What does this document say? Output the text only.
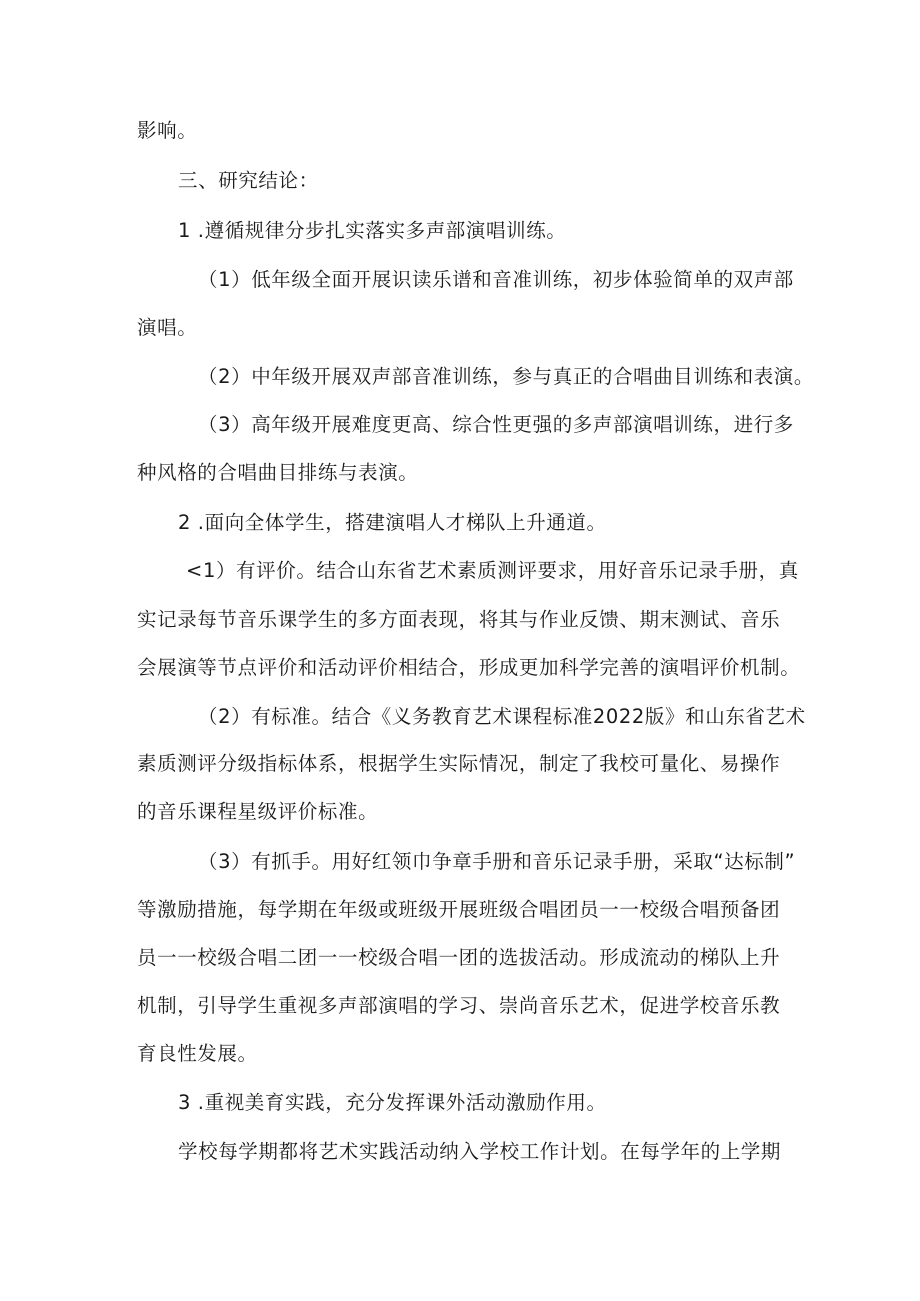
影响。
三、研究结论：
1 .遵循规律分步扎实落实多声部演唱训练。
（1）低年级全面开展识读乐谱和音准训练，初步体验简单的双声部
演唱。
（2）中年级开展双声部音准训练，参与真正的合唱曲目训练和表演。
（3）高年级开展难度更高、综合性更强的多声部演唱训练，进行多
种风格的合唱曲目排练与表演。
2 .面向全体学生，搭建演唱人才梯队上升通道。
<1）有评价。结合山东省艺术素质测评要求，用好音乐记录手册，真
实记录每节音乐课学生的多方面表现，将其与作业反馈、期末测试、音乐
会展演等节点评价和活动评价相结合，形成更加科学完善的演唱评价机制。
（2）有标准。结合《义务教育艺术课程标准2022版》和山东省艺术
素质测评分级指标体系，根据学生实际情况，制定了我校可量化、易操作
的音乐课程星级评价标准。
（3）有抓手。用好红领巾争章手册和音乐记录手册，采取“达标制”
等激励措施，每学期在年级或班级开展班级合唱团员一一校级合唱预备团
员一一校级合唱二团一一校级合唱一团的选拔活动。形成流动的梯队上升
机制，引导学生重视多声部演唱的学习、崇尚音乐艺术，促进学校音乐教
育良性发展。
3 .重视美育实践，充分发挥课外活动激励作用。
学校每学期都将艺术实践活动纳入学校工作计划。在每学年的上学期
